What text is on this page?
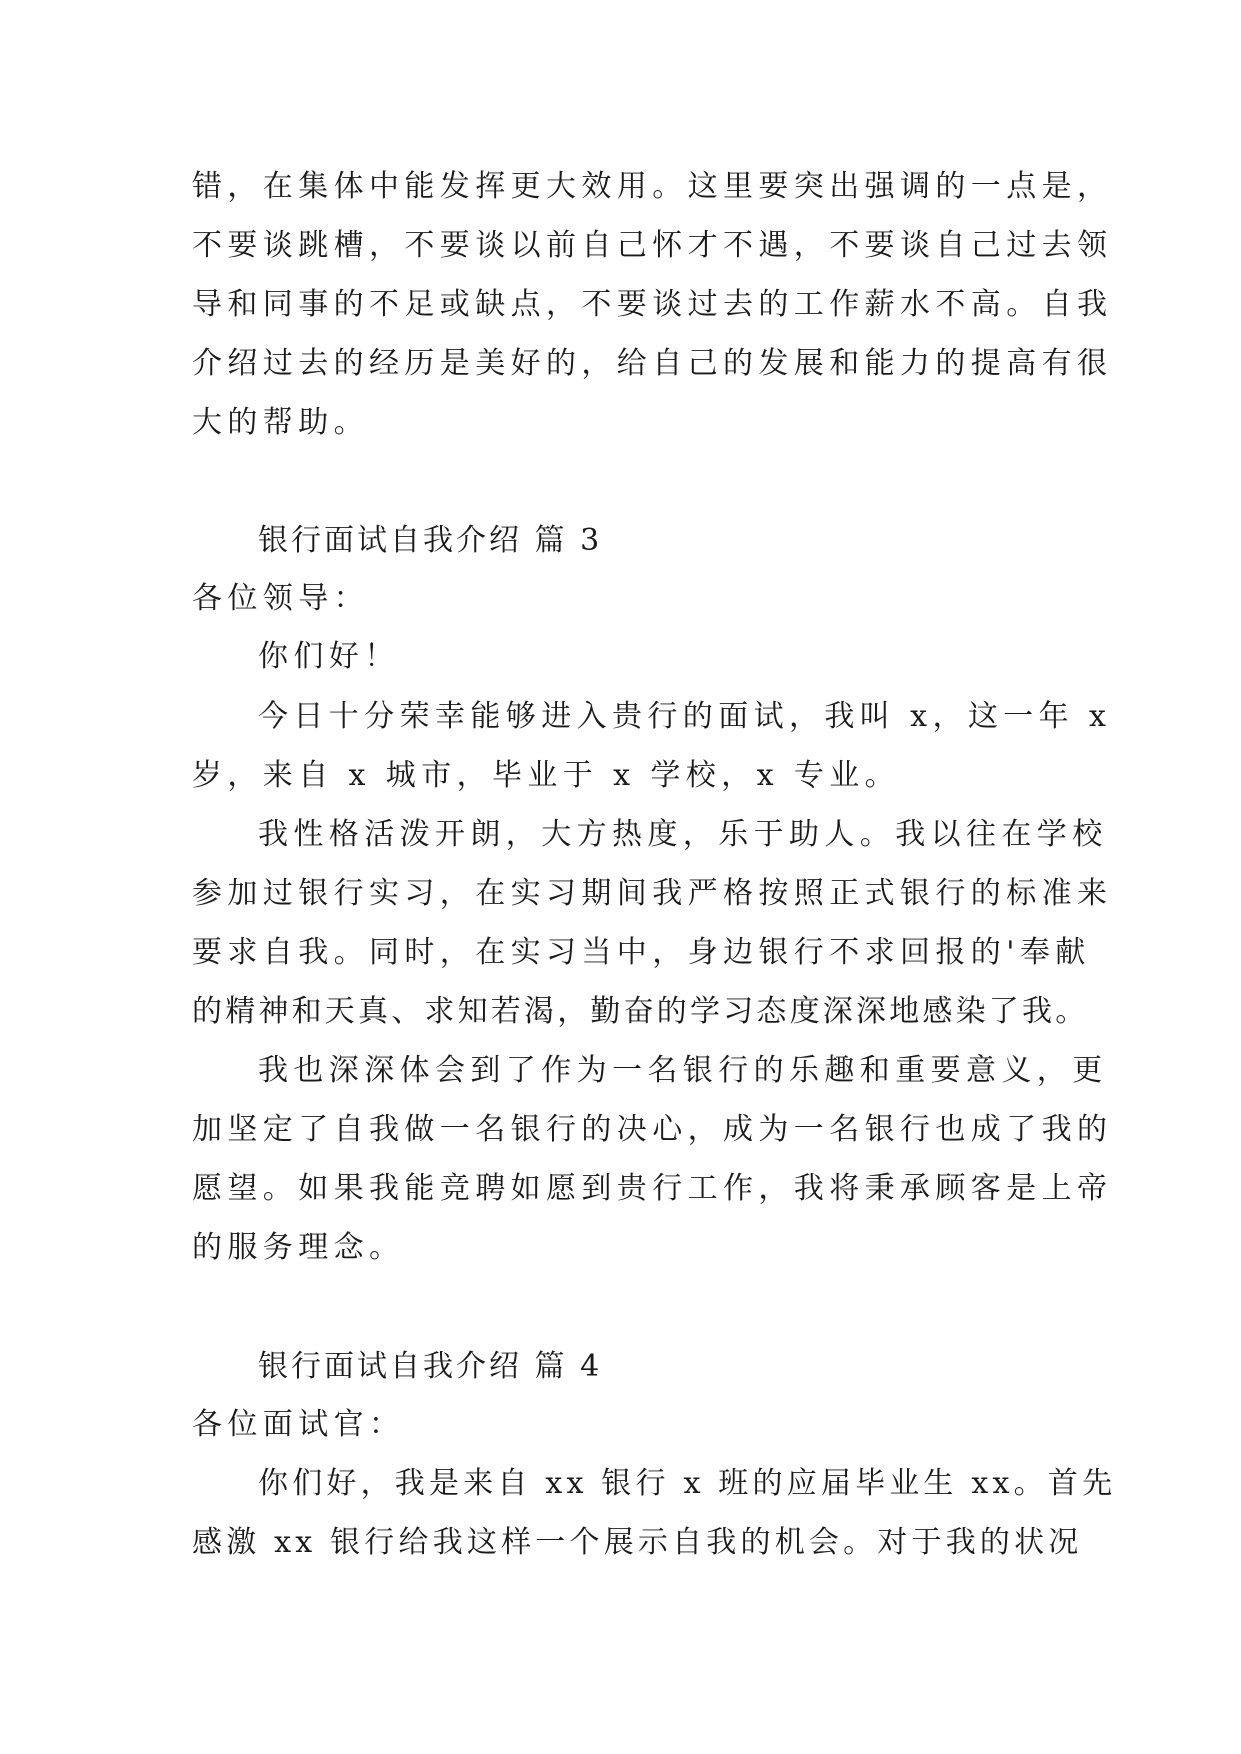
错，在集体中能发挥更大效用。这里要突出强调的一点是，
不要谈跳槽，不要谈以前自己怀才不遇，不要谈自己过去领
导和同事的不足或缺点，不要谈过去的工作薪水不高。自我
介绍过去的经历是美好的，给自己的发展和能力的提高有很
大的帮助。
银行面试自我介绍 篇 3
各位领导：
你们好！
今日十分荣幸能够进入贵行的面试，我叫 x，这一年 x
岁，来自 x 城市，毕业于 x 学校，x 专业。
我性格活泼开朗，大方热度，乐于助人。我以往在学校
参加过银行实习，在实习期间我严格按照正式银行的标准来
要求自我。同时，在实习当中，身边银行不求回报的'奉献
的精神和天真、求知若渴，勤奋的学习态度深深地感染了我。
我也深深体会到了作为一名银行的乐趣和重要意义，更
加坚定了自我做一名银行的决心，成为一名银行也成了我的
愿望。如果我能竞聘如愿到贵行工作，我将秉承顾客是上帝
的服务理念。
银行面试自我介绍 篇 4
各位面试官：
你们好，我是来自 xx 银行 x 班的应届毕业生 xx。首先
感激 xx 银行给我这样一个展示自我的机会。对于我的状况
